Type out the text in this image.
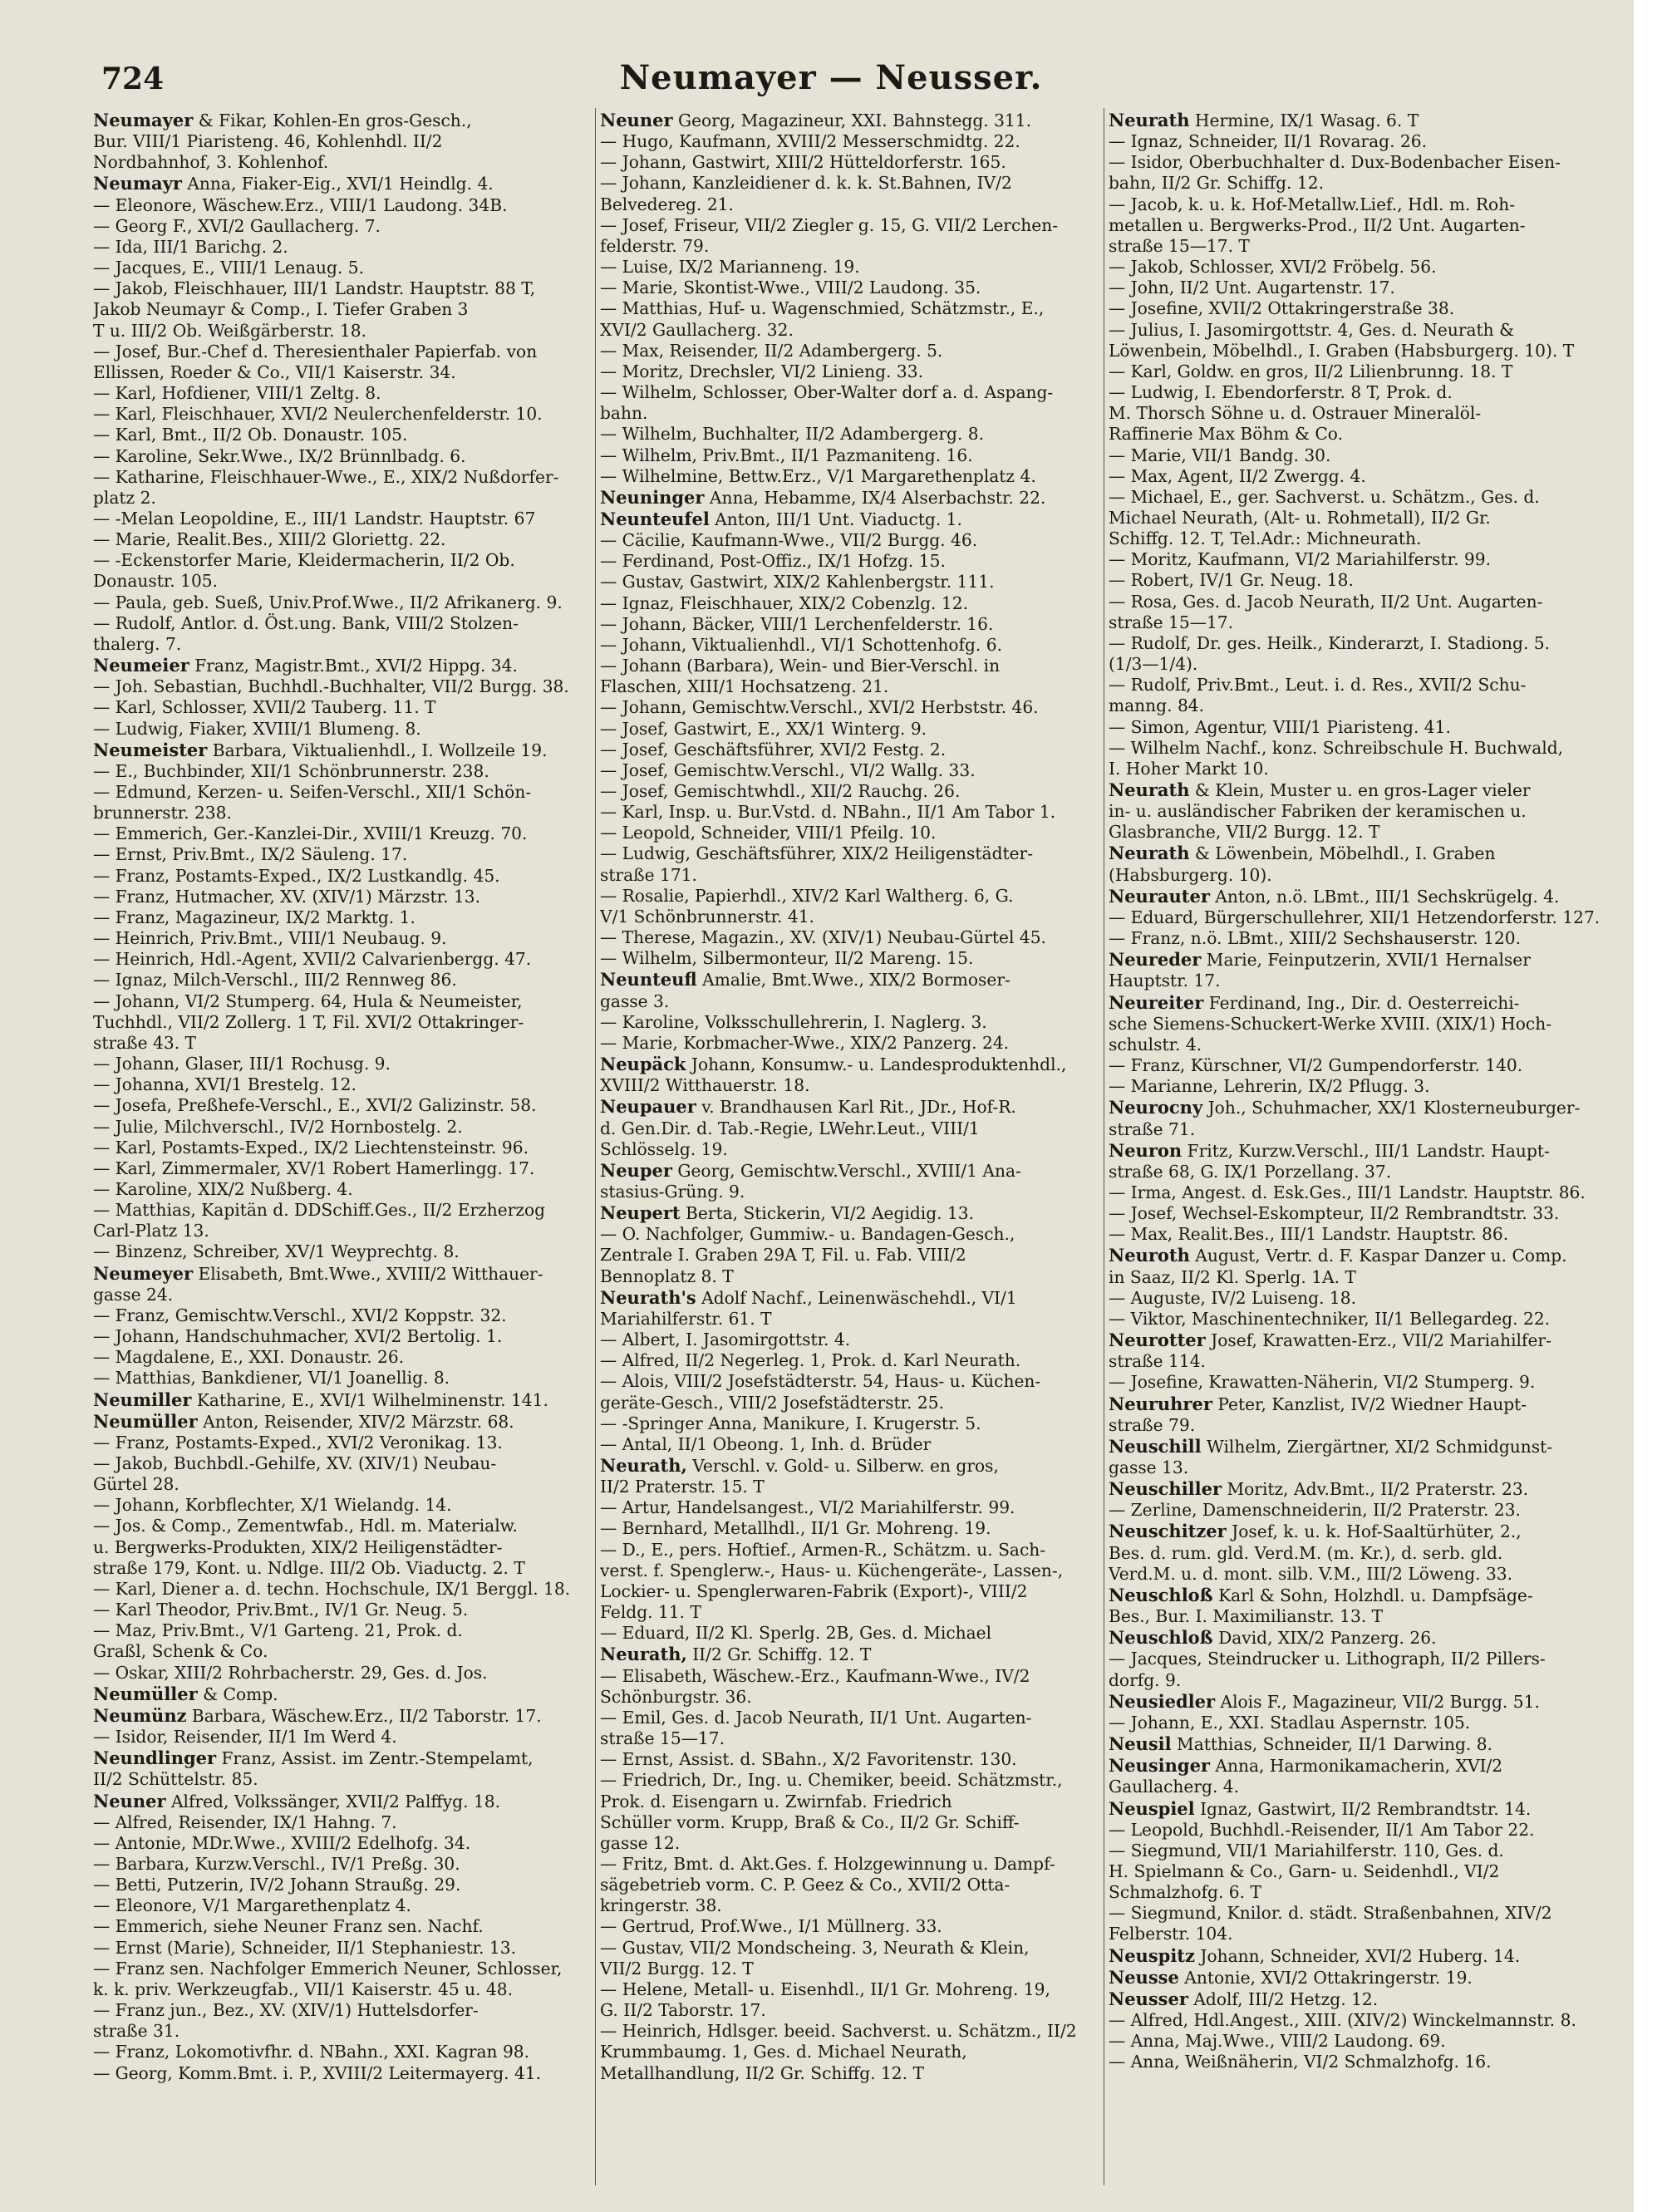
724	Neumayer — Neusser.
Neumayer & Fikar, Kohlen-En gros-Gesch.,
Bur. VIII/1 Piaristeng. 46, Kohlenhdl. II/2
Nordbahnhof, 3. Kohlenhof.
Neumayr Anna, Fiaker-Eig., XVI/1 Heindlg. 4.
— Eleonore, Wäschew.Erz., VIII/1 Laudong. 34B.
— Georg F., XVI/2 Gaullacherg. 7.
— Ida, III/1 Barichg. 2.
— Jacques, E., VIII/1 Lenaug. 5.
— Jakob, Fleischhauer, III/1 Landstr. Hauptstr. 88 T,
Jakob Neumayr & Comp., I. Tiefer Graben 3
T u. III/2 Ob. Weißgärberstr. 18.
— Josef, Bur.-Chef d. Theresienthaler Papierfab. von
Ellissen, Roeder & Co., VII/1 Kaiserstr. 34.
— Karl, Hofdiener, VIII/1 Zeltg. 8.
— Karl, Fleischhauer, XVI/2 Neulerchenfelderstr. 10.
— Karl, Bmt., II/2 Ob. Donaustr. 105.
— Karoline, Sekr.Wwe., IX/2 Brünnlbadg. 6.
— Katharine, Fleischhauer-Wwe., E., XIX/2 Nußdorfer-
platz 2.
— -Melan Leopoldine, E., III/1 Landstr. Hauptstr. 67
— Marie, Realit.Bes., XIII/2 Gloriettg. 22.
— -Eckenstorfer Marie, Kleidermacherin, II/2 Ob.
Donaustr. 105.
— Paula, geb. Sueß, Univ.Prof.Wwe., II/2 Afrikanerg. 9.
— Rudolf, Antlor. d. Öst.ung. Bank, VIII/2 Stolzen-
thalerg. 7.
Neumeier Franz, Magistr.Bmt., XVI/2 Hippg. 34.
— Joh. Sebastian, Buchhdl.-Buchhalter, VII/2 Burgg. 38.
— Karl, Schlosser, XVII/2 Tauberg. 11. T
— Ludwig, Fiaker, XVIII/1 Blumeng. 8.
Neumeister Barbara, Viktualienhdl., I. Wollzeile 19.
— E., Buchbinder, XII/1 Schönbrunnerstr. 238.
— Edmund, Kerzen- u. Seifen-Verschl., XII/1 Schön-
brunnerstr. 238.
— Emmerich, Ger.-Kanzlei-Dir., XVIII/1 Kreuzg. 70.
— Ernst, Priv.Bmt., IX/2 Säuleng. 17.
— Franz, Postamts-Exped., IX/2 Lustkandlg. 45.
— Franz, Hutmacher, XV. (XIV/1) Märzstr. 13.
— Franz, Magazineur, IX/2 Marktg. 1.
— Heinrich, Priv.Bmt., VIII/1 Neubaug. 9.
— Heinrich, Hdl.-Agent, XVII/2 Calvarienbergg. 47.
— Ignaz, Milch-Verschl., III/2 Rennweg 86.
— Johann, VI/2 Stumperg. 64, Hula & Neumeister,
Tuchhdl., VII/2 Zollerg. 1 T, Fil. XVI/2 Ottakringer-
straße 43. T
— Johann, Glaser, III/1 Rochusg. 9.
— Johanna, XVI/1 Brestelg. 12.
— Josefa, Preßhefe-Verschl., E., XVI/2 Galizinstr. 58.
— Julie, Milchverschl., IV/2 Hornbostelg. 2.
— Karl, Postamts-Exped., IX/2 Liechtensteinstr. 96.
— Karl, Zimmermaler, XV/1 Robert Hamerlingg. 17.
— Karoline, XIX/2 Nußberg. 4.
— Matthias, Kapitän d. DDSchiff.Ges., II/2 Erzherzog
Carl-Platz 13.
— Binzenz, Schreiber, XV/1 Weyprechtg. 8.
Neumeyer Elisabeth, Bmt.Wwe., XVIII/2 Witthauer-
gasse 24.
— Franz, Gemischtw.Verschl., XVI/2 Koppstr. 32.
— Johann, Handschuhmacher, XVI/2 Bertolig. 1.
— Magdalene, E., XXI. Donaustr. 26.
— Matthias, Bankdiener, VI/1 Joanellig. 8.
Neumiller Katharine, E., XVI/1 Wilhelminenstr. 141.
Neumüller Anton, Reisender, XIV/2 Märzstr. 68.
— Franz, Postamts-Exped., XVI/2 Veronikag. 13.
— Jakob, Buchbdl.-Gehilfe, XV. (XIV/1) Neubau-
Gürtel 28.
— Johann, Korbflechter, X/1 Wielandg. 14.
— Jos. & Comp., Zementwfab., Hdl. m. Materialw.
u. Bergwerks-Produkten, XIX/2 Heiligenstädter-
straße 179, Kont. u. Ndlge. III/2 Ob. Viaductg. 2. T
— Karl, Diener a. d. techn. Hochschule, IX/1 Berggl. 18.
— Karl Theodor, Priv.Bmt., IV/1 Gr. Neug. 5.
— Maz, Priv.Bmt., V/1 Garteng. 21, Prok. d.
Graßl, Schenk & Co.
— Oskar, XIII/2 Rohrbacherstr. 29, Ges. d. Jos.
Neumüller & Comp.
Neumünz Barbara, Wäschew.Erz., II/2 Taborstr. 17.
— Isidor, Reisender, II/1 Im Werd 4.
Neundlinger Franz, Assist. im Zentr.-Stempelamt,
II/2 Schüttelstr. 85.
Neuner Alfred, Volkssänger, XVII/2 Palffyg. 18.
— Alfred, Reisender, IX/1 Hahng. 7.
— Antonie, MDr.Wwe., XVIII/2 Edelhofg. 34.
— Barbara, Kurzw.Verschl., IV/1 Preßg. 30.
— Betti, Putzerin, IV/2 Johann Straußg. 29.
— Eleonore, V/1 Margarethenplatz 4.
— Emmerich, siehe Neuner Franz sen. Nachf.
— Ernst (Marie), Schneider, II/1 Stephaniestr. 13.
— Franz sen. Nachfolger Emmerich Neuner, Schlosser,
k. k. priv. Werkzeugfab., VII/1 Kaiserstr. 45 u. 48.
— Franz jun., Bez., XV. (XIV/1) Huttelsdorfer-
straße 31.
— Franz, Lokomotivfhr. d. NBahn., XXI. Kagran 98.
— Georg, Komm.Bmt. i. P., XVIII/2 Leitermayerg. 41.
Neuner Georg, Magazineur, XXI. Bahnstegg. 311.
— Hugo, Kaufmann, XVIII/2 Messerschmidtg. 22.
— Johann, Gastwirt, XIII/2 Hütteldorferstr. 165.
— Johann, Kanzleidiener d. k. k. St.Bahnen, IV/2
Belvedereg. 21.
— Josef, Friseur, VII/2 Ziegler g. 15, G. VII/2 Lerchen-
felderstr. 79.
— Luise, IX/2 Marianneng. 19.
— Marie, Skontist-Wwe., VIII/2 Laudong. 35.
— Matthias, Huf- u. Wagenschmied, Schätzmstr., E.,
XVI/2 Gaullacherg. 32.
— Max, Reisender, II/2 Adambergerg. 5.
— Moritz, Drechsler, VI/2 Linieng. 33.
— Wilhelm, Schlosser, Ober-Walter dorf a. d. Aspang-
bahn.
— Wilhelm, Buchhalter, II/2 Adambergerg. 8.
— Wilhelm, Priv.Bmt., II/1 Pazmaniteng. 16.
— Wilhelmine, Bettw.Erz., V/1 Margarethenplatz 4.
Neuninger Anna, Hebamme, IX/4 Alserbachstr. 22.
Neunteufel Anton, III/1 Unt. Viaductg. 1.
— Cäcilie, Kaufmann-Wwe., VII/2 Burgg. 46.
— Ferdinand, Post-Offiz., IX/1 Hofzg. 15.
— Gustav, Gastwirt, XIX/2 Kahlenbergstr. 111.
— Ignaz, Fleischhauer, XIX/2 Cobenzlg. 12.
— Johann, Bäcker, VIII/1 Lerchenfelderstr. 16.
— Johann, Viktualienhdl., VI/1 Schottenhofg. 6.
— Johann (Barbara), Wein- und Bier-Verschl. in
Flaschen, XIII/1 Hochsatzeng. 21.
— Johann, Gemischtw.Verschl., XVI/2 Herbststr. 46.
— Josef, Gastwirt, E., XX/1 Winterg. 9.
— Josef, Geschäftsführer, XVI/2 Festg. 2.
— Josef, Gemischtw.Verschl., VI/2 Wallg. 33.
— Josef, Gemischtwhdl., XII/2 Rauchg. 26.
— Karl, Insp. u. Bur.Vstd. d. NBahn., II/1 Am Tabor 1.
— Leopold, Schneider, VIII/1 Pfeilg. 10.
— Ludwig, Geschäftsführer, XIX/2 Heiligenstädter-
straße 171.
— Rosalie, Papierhdl., XIV/2 Karl Waltherg. 6, G.
V/1 Schönbrunnerstr. 41.
— Therese, Magazin., XV. (XIV/1) Neubau-Gürtel 45.
— Wilhelm, Silbermonteur, II/2 Mareng. 15.
Neunteufl Amalie, Bmt.Wwe., XIX/2 Bormoser-
gasse 3.
— Karoline, Volksschullehrerin, I. Naglerg. 3.
— Marie, Korbmacher-Wwe., XIX/2 Panzerg. 24.
Neupäck Johann, Konsumw.- u. Landesproduktenhdl.,
XVIII/2 Witthauerstr. 18.
Neupauer v. Brandhausen Karl Rit., JDr., Hof-R.
d. Gen.Dir. d. Tab.-Regie, LWehr.Leut., VIII/1
Schlösselg. 19.
Neuper Georg, Gemischtw.Verschl., XVIII/1 Ana-
stasius-Grüng. 9.
Neupert Berta, Stickerin, VI/2 Aegidig. 13.
— O. Nachfolger, Gummiw.- u. Bandagen-Gesch.,
Zentrale I. Graben 29A T, Fil. u. Fab. VIII/2
Bennoplatz 8. T
Neurath's Adolf Nachf., Leinenwäschehdl., VI/1
Mariahilferstr. 61. T
— Albert, I. Jasomirgottstr. 4.
— Alfred, II/2 Negerleg. 1, Prok. d. Karl Neurath.
— Alois, VIII/2 Josefstädterstr. 54, Haus- u. Küchen-
geräte-Gesch., VIII/2 Josefstädterstr. 25.
— -Springer Anna, Manikure, I. Krugerstr. 5.
— Antal, II/1 Obeong. 1, Inh. d. Brüder
Neurath, Verschl. v. Gold- u. Silberw. en gros,
II/2 Praterstr. 15. T
— Artur, Handelsangest., VI/2 Mariahilferstr. 99.
— Bernhard, Metallhdl., II/1 Gr. Mohreng. 19.
— D., E., pers. Hoftief., Armen-R., Schätzm. u. Sach-
verst. f. Spenglerw.-, Haus- u. Küchengeräte-, Lassen-,
Lockier- u. Spenglerwaren-Fabrik (Export)-, VIII/2
Feldg. 11. T
— Eduard, II/2 Kl. Sperlg. 2B, Ges. d. Michael
Neurath, II/2 Gr. Schiffg. 12. T
— Elisabeth, Wäschew.-Erz., Kaufmann-Wwe., IV/2
Schönburgstr. 36.
— Emil, Ges. d. Jacob Neurath, II/1 Unt. Augarten-
straße 15—17.
— Ernst, Assist. d. SBahn., X/2 Favoritenstr. 130.
— Friedrich, Dr., Ing. u. Chemiker, beeid. Schätzmstr.,
Prok. d. Eisengarn u. Zwirnfab. Friedrich
Schüller vorm. Krupp, Braß & Co., II/2 Gr. Schiff-
gasse 12.
— Fritz, Bmt. d. Akt.Ges. f. Holzgewinnung u. Dampf-
sägebetrieb vorm. C. P. Geez & Co., XVII/2 Otta-
kringerstr. 38.
— Gertrud, Prof.Wwe., I/1 Müllnerg. 33.
— Gustav, VII/2 Mondscheing. 3, Neurath & Klein,
VII/2 Burgg. 12. T
— Helene, Metall- u. Eisenhdl., II/1 Gr. Mohreng. 19,
G. II/2 Taborstr. 17.
— Heinrich, Hdlsger. beeid. Sachverst. u. Schätzm., II/2
Krummbaumg. 1, Ges. d. Michael Neurath,
Metallhandlung, II/2 Gr. Schiffg. 12. T
Neurath Hermine, IX/1 Wasag. 6. T
— Ignaz, Schneider, II/1 Rovarag. 26.
— Isidor, Oberbuchhalter d. Dux-Bodenbacher Eisen-
bahn, II/2 Gr. Schiffg. 12.
— Jacob, k. u. k. Hof-Metallw.Lief., Hdl. m. Roh-
metallen u. Bergwerks-Prod., II/2 Unt. Augarten-
straße 15—17. T
— Jakob, Schlosser, XVI/2 Fröbelg. 56.
— John, II/2 Unt. Augartenstr. 17.
— Josefine, XVII/2 Ottakringerstraße 38.
— Julius, I. Jasomirgottstr. 4, Ges. d. Neurath &
Löwenbein, Möbelhdl., I. Graben (Habsburgerg. 10). T
— Karl, Goldw. en gros, II/2 Lilienbrunng. 18. T
— Ludwig, I. Ebendorferstr. 8 T, Prok. d.
M. Thorsch Söhne u. d. Ostrauer Mineralöl-
Raffinerie Max Böhm & Co.
— Marie, VII/1 Bandg. 30.
— Max, Agent, II/2 Zwergg. 4.
— Michael, E., ger. Sachverst. u. Schätzm., Ges. d.
Michael Neurath, (Alt- u. Rohmetall), II/2 Gr.
Schiffg. 12. T, Tel.Adr.: Michneurath.
— Moritz, Kaufmann, VI/2 Mariahilferstr. 99.
— Robert, IV/1 Gr. Neug. 18.
— Rosa, Ges. d. Jacob Neurath, II/2 Unt. Augarten-
straße 15—17.
— Rudolf, Dr. ges. Heilk., Kinderarzt, I. Stadiong. 5.
(1/3—1/4).
— Rudolf, Priv.Bmt., Leut. i. d. Res., XVII/2 Schu-
manng. 84.
— Simon, Agentur, VIII/1 Piaristeng. 41.
— Wilhelm Nachf., konz. Schreibschule H. Buchwald,
I. Hoher Markt 10.
Neurath & Klein, Muster u. en gros-Lager vieler
in- u. ausländischer Fabriken der keramischen u.
Glasbranche, VII/2 Burgg. 12. T
Neurath & Löwenbein, Möbelhdl., I. Graben
(Habsburgerg. 10).
Neurauter Anton, n.ö. LBmt., III/1 Sechskrügelg. 4.
— Eduard, Bürgerschullehrer, XII/1 Hetzendorferstr. 127.
— Franz, n.ö. LBmt., XIII/2 Sechshauserstr. 120.
Neureder Marie, Feinputzerin, XVII/1 Hernalser
Hauptstr. 17.
Neureiter Ferdinand, Ing., Dir. d. Oesterreichi-
sche Siemens-Schuckert-Werke XVIII. (XIX/1) Hoch-
schulstr. 4.
— Franz, Kürschner, VI/2 Gumpendorferstr. 140.
— Marianne, Lehrerin, IX/2 Pflugg. 3.
Neurocny Joh., Schuhmacher, XX/1 Klosterneuburger-
straße 71.
Neuron Fritz, Kurzw.Verschl., III/1 Landstr. Haupt-
straße 68, G. IX/1 Porzellang. 37.
— Irma, Angest. d. Esk.Ges., III/1 Landstr. Hauptstr. 86.
— Josef, Wechsel-Eskompteur, II/2 Rembrandtstr. 33.
— Max, Realit.Bes., III/1 Landstr. Hauptstr. 86.
Neuroth August, Vertr. d. F. Kaspar Danzer u. Comp.
in Saaz, II/2 Kl. Sperlg. 1A. T
— Auguste, IV/2 Luiseng. 18.
— Viktor, Maschinentechniker, II/1 Bellegardeg. 22.
Neurotter Josef, Krawatten-Erz., VII/2 Mariahilfer-
straße 114.
— Josefine, Krawatten-Näherin, VI/2 Stumperg. 9.
Neuruhrer Peter, Kanzlist, IV/2 Wiedner Haupt-
straße 79.
Neuschill Wilhelm, Ziergärtner, XI/2 Schmidgunst-
gasse 13.
Neuschiller Moritz, Adv.Bmt., II/2 Praterstr. 23.
— Zerline, Damenschneiderin, II/2 Praterstr. 23.
Neuschitzer Josef, k. u. k. Hof-Saaltürhüter, 2.,
Bes. d. rum. gld. Verd.M. (m. Kr.), d. serb. gld.
Verd.M. u. d. mont. silb. V.M., III/2 Löweng. 33.
Neuschloß Karl & Sohn, Holzhdl. u. Dampfsäge-
Bes., Bur. I. Maximilianstr. 13. T
Neuschloß David, XIX/2 Panzerg. 26.
— Jacques, Steindrucker u. Lithograph, II/2 Pillers-
dorfg. 9.
Neusiedler Alois F., Magazineur, VII/2 Burgg. 51.
— Johann, E., XXI. Stadlau Aspernstr. 105.
Neusil Matthias, Schneider, II/1 Darwing. 8.
Neusinger Anna, Harmonikamacherin, XVI/2
Gaullacherg. 4.
Neuspiel Ignaz, Gastwirt, II/2 Rembrandtstr. 14.
— Leopold, Buchhdl.-Reisender, II/1 Am Tabor 22.
— Siegmund, VII/1 Mariahilferstr. 110, Ges. d.
H. Spielmann & Co., Garn- u. Seidenhdl., VI/2
Schmalzhofg. 6. T
— Siegmund, Knilor. d. städt. Straßenbahnen, XIV/2
Felberstr. 104.
Neuspitz Johann, Schneider, XVI/2 Huberg. 14.
Neusse Antonie, XVI/2 Ottakringerstr. 19.
Neusser Adolf, III/2 Hetzg. 12.
— Alfred, Hdl.Angest., XIII. (XIV/2) Winckelmannstr. 8.
— Anna, Maj.Wwe., VIII/2 Laudong. 69.
— Anna, Weißnäherin, VI/2 Schmalzhofg. 16.
